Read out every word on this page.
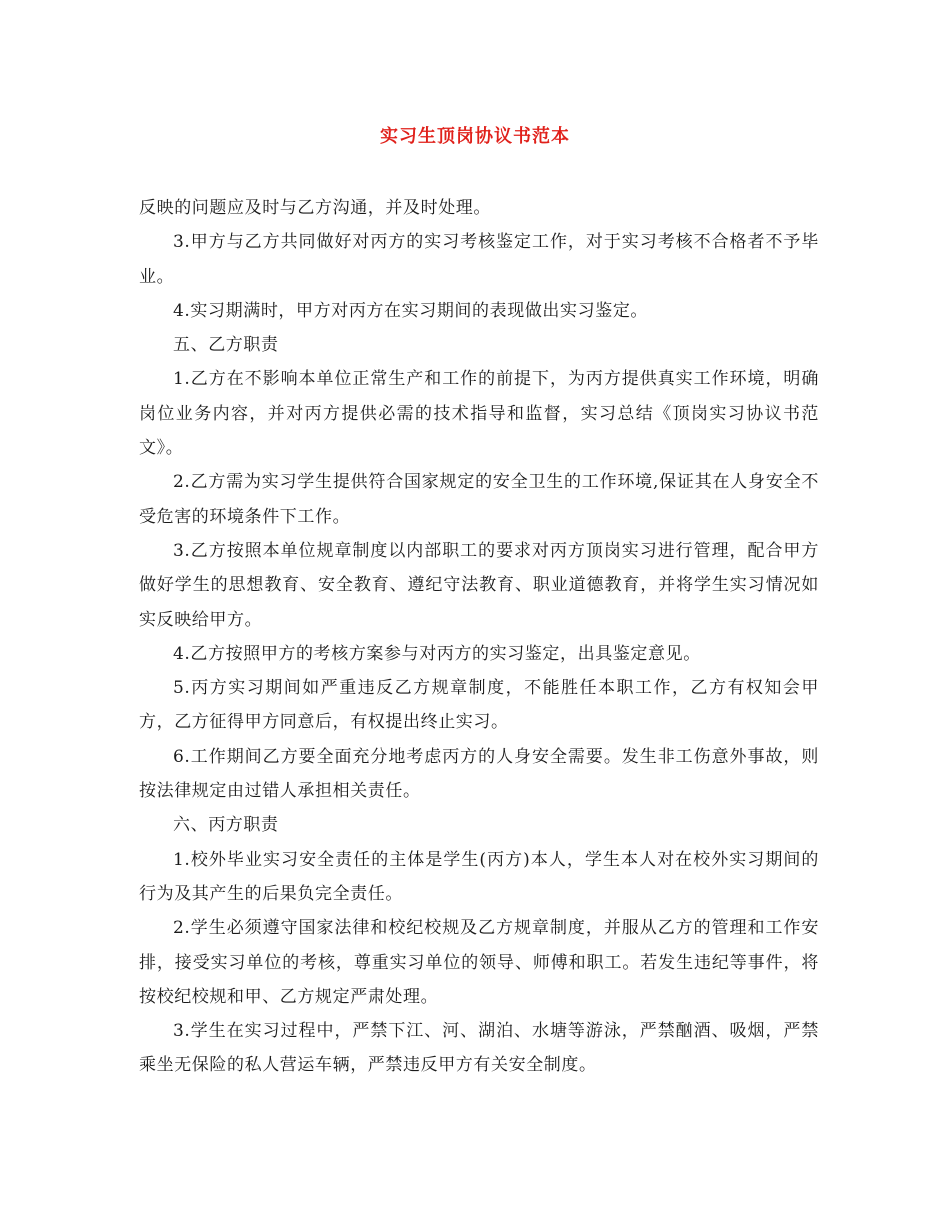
实习生顶岗协议书范本

反映的问题应及时与乙方沟通，并及时处理。

3.甲方与乙方共同做好对丙方的实习考核鉴定工作，对于实习考核不合格者不予毕业。

4.实习期满时，甲方对丙方在实习期间的表现做出实习鉴定。

五、乙方职责

1.乙方在不影响本单位正常生产和工作的前提下，为丙方提供真实工作环境，明确岗位业务内容，并对丙方提供必需的技术指导和监督，实习总结《顶岗实习协议书范文》。

2.乙方需为实习学生提供符合国家规定的安全卫生的工作环境,保证其在人身安全不受危害的环境条件下工作。

3.乙方按照本单位规章制度以内部职工的要求对丙方顶岗实习进行管理，配合甲方做好学生的思想教育、安全教育、遵纪守法教育、职业道德教育，并将学生实习情况如实反映给甲方。

4.乙方按照甲方的考核方案参与对丙方的实习鉴定，出具鉴定意见。

5.丙方实习期间如严重违反乙方规章制度，不能胜任本职工作，乙方有权知会甲方，乙方征得甲方同意后，有权提出终止实习。

6.工作期间乙方要全面充分地考虑丙方的人身安全需要。发生非工伤意外事故，则按法律规定由过错人承担相关责任。

六、丙方职责

1.校外毕业实习安全责任的主体是学生(丙方)本人，学生本人对在校外实习期间的行为及其产生的后果负完全责任。

2.学生必须遵守国家法律和校纪校规及乙方规章制度，并服从乙方的管理和工作安排，接受实习单位的考核，尊重实习单位的领导、师傅和职工。若发生违纪等事件，将按校纪校规和甲、乙方规定严肃处理。

3.学生在实习过程中，严禁下江、河、湖泊、水塘等游泳，严禁酗酒、吸烟，严禁乘坐无保险的私人营运车辆，严禁违反甲方有关安全制度。
